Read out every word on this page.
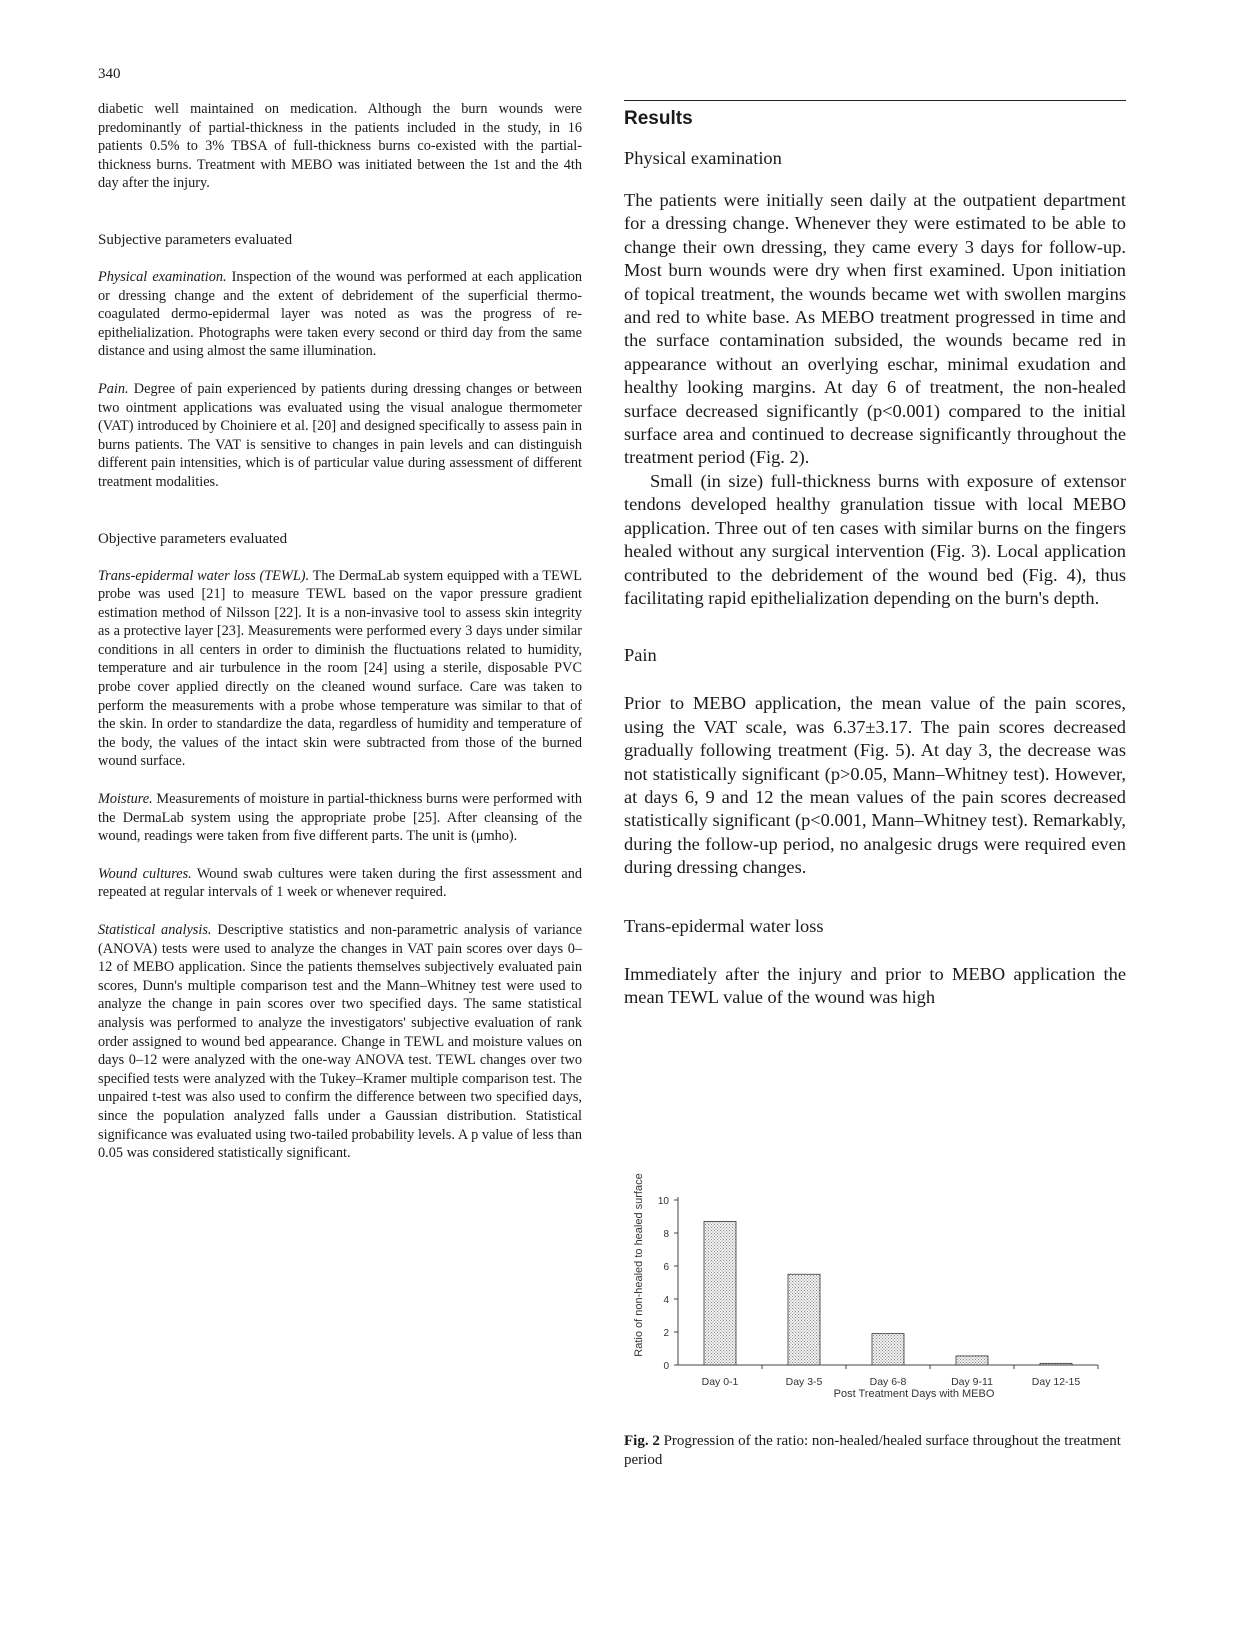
340

diabetic well maintained on medication. Although the burn wounds were predominantly of partial-thickness in the patients included in the study, in 16 patients 0.5% to 3% TBSA of full-thickness burns co-existed with the partial-thickness burns. Treatment with MEBO was initiated between the 1st and the 4th day after the injury.

Subjective parameters evaluated

Physical examination. Inspection of the wound was performed at each application or dressing change and the extent of debridement of the superficial thermo-coagulated dermo-epidermal layer was noted as was the progress of re-epithelialization. Photographs were taken every second or third day from the same distance and using almost the same illumination.

Pain. Degree of pain experienced by patients during dressing changes or between two ointment applications was evaluated using the visual analogue thermometer (VAT) introduced by Choiniere et al. [20] and designed specifically to assess pain in burns patients. The VAT is sensitive to changes in pain levels and can distinguish different pain intensities, which is of particular value during assessment of different treatment modalities.

Objective parameters evaluated

Trans-epidermal water loss (TEWL). The DermaLab system equipped with a TEWL probe was used [21] to measure TEWL based on the vapor pressure gradient estimation method of Nilsson [22]. It is a non-invasive tool to assess skin integrity as a protective layer [23]. Measurements were performed every 3 days under similar conditions in all centers in order to diminish the fluctuations related to humidity, temperature and air turbulence in the room [24] using a sterile, disposable PVC probe cover applied directly on the cleaned wound surface. Care was taken to perform the measurements with a probe whose temperature was similar to that of the skin. In order to standardize the data, regardless of humidity and temperature of the body, the values of the intact skin were subtracted from those of the burned wound surface.

Moisture. Measurements of moisture in partial-thickness burns were performed with the DermaLab system using the appropriate probe [25]. After cleansing of the wound, readings were taken from five different parts. The unit is (μmho).

Wound cultures. Wound swab cultures were taken during the first assessment and repeated at regular intervals of 1 week or whenever required.

Statistical analysis. Descriptive statistics and non-parametric analysis of variance (ANOVA) tests were used to analyze the changes in VAT pain scores over days 0–12 of MEBO application. Since the patients themselves subjectively evaluated pain scores, Dunn's multiple comparison test and the Mann–Whitney test were used to analyze the change in pain scores over two specified days. The same statistical analysis was performed to analyze the investigators' subjective evaluation of rank order assigned to wound bed appearance. Change in TEWL and moisture values on days 0–12 were analyzed with the one-way ANOVA test. TEWL changes over two specified tests were analyzed with the Tukey–Kramer multiple comparison test. The unpaired t-test was also used to confirm the difference between two specified days, since the population analyzed falls under a Gaussian distribution. Statistical significance was evaluated using two-tailed probability levels. A p value of less than 0.05 was considered statistically significant.

Results

Physical examination

The patients were initially seen daily at the outpatient department for a dressing change. Whenever they were estimated to be able to change their own dressing, they came every 3 days for follow-up. Most burn wounds were dry when first examined. Upon initiation of topical treatment, the wounds became wet with swollen margins and red to white base. As MEBO treatment progressed in time and the surface contamination subsided, the wounds became red in appearance without an overlying eschar, minimal exudation and healthy looking margins. At day 6 of treatment, the non-healed surface decreased significantly (p<0.001) compared to the initial surface area and continued to decrease significantly throughout the treatment period (Fig. 2).

Small (in size) full-thickness burns with exposure of extensor tendons developed healthy granulation tissue with local MEBO application. Three out of ten cases with similar burns on the fingers healed without any surgical intervention (Fig. 3). Local application contributed to the debridement of the wound bed (Fig. 4), thus facilitating rapid epithelialization depending on the burn's depth.

Pain

Prior to MEBO application, the mean value of the pain scores, using the VAT scale, was 6.37±3.17. The pain scores decreased gradually following treatment (Fig. 5). At day 3, the decrease was not statistically significant (p>0.05, Mann–Whitney test). However, at days 6, 9 and 12 the mean values of the pain scores decreased statistically significant (p<0.001, Mann–Whitney test). Remarkably, during the follow-up period, no analgesic drugs were required even during dressing changes.

Trans-epidermal water loss

Immediately after the injury and prior to MEBO application the mean TEWL value of the wound was high

0
2
4
6
8
10
Day 0-1	Day 3-5	Day 6-8	Day 9-11	Day 12-15
Ratio of non-healed to healed surface
Post Treatment Days with MEBO

Fig. 2 Progression of the ratio: non-healed/healed surface throughout the treatment period
